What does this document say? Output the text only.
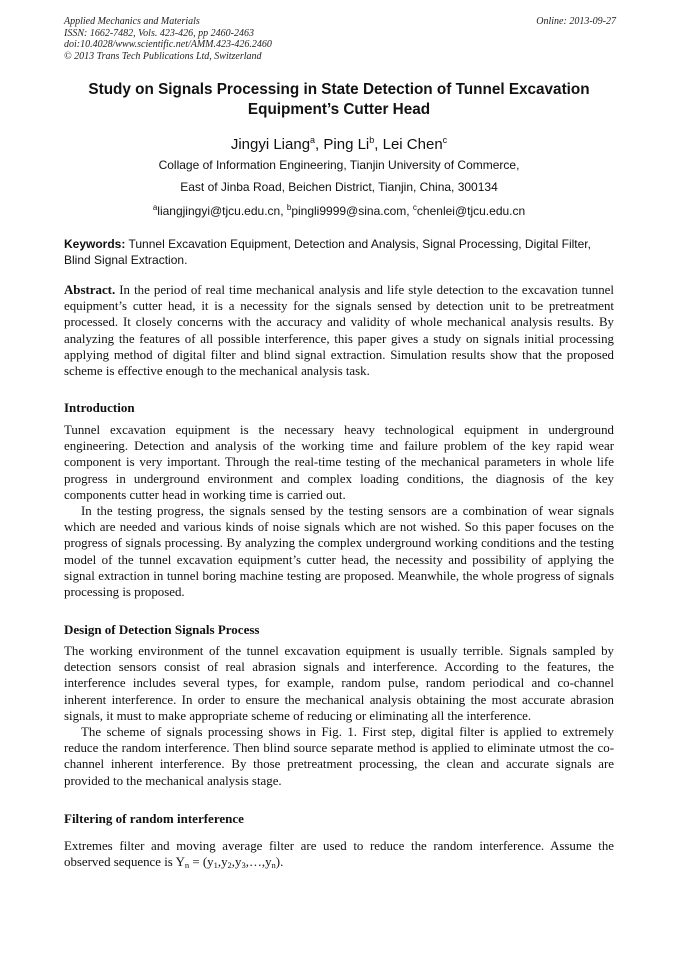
Applied Mechanics and Materials
ISSN: 1662-7482, Vols. 423-426, pp 2460-2463
doi:10.4028/www.scientific.net/AMM.423-426.2460
© 2013 Trans Tech Publications Ltd, Switzerland
Online: 2013-09-27
Study on Signals Processing in State Detection of Tunnel Excavation Equipment’s Cutter Head
Jingyi Liang$^a$, Ping Li$^b$, Lei Chen$^c$
Collage of Information Engineering, Tianjin University of Commerce,
East of Jinba Road, Beichen District, Tianjin, China, 300134
$^a$liangjingyi@tjcu.edu.cn, $^b$pingli9999@sina.com, $^c$chenlei@tjcu.edu.cn
Keywords: Tunnel Excavation Equipment, Detection and Analysis, Signal Processing, Digital Filter, Blind Signal Extraction.

Abstract. In the period of real time mechanical analysis and life style detection to the excavation tunnel equipment’s cutter head, it is a necessity for the signals sensed by detection unit to be pretreatment processed. It closely concerns with the accuracy and validity of whole mechanical analysis results. By analyzing the features of all possible interference, this paper gives a study on signals initial processing applying method of digital filter and blind signal extraction. Simulation results show that the proposed scheme is effective enough to the mechanical analysis task.

Introduction

Tunnel excavation equipment is the necessary heavy technological equipment in underground engineering. Detection and analysis of the working time and failure problem of the key rapid wear component is very important. Through the real-time testing of the mechanical parameters in whole life progress in underground environment and complex loading conditions, the diagnosis of the key components cutter head in working time is carried out.

In the testing progress, the signals sensed by the testing sensors are a combination of wear signals which are needed and various kinds of noise signals which are not wished. So this paper focuses on the progress of signals processing. By analyzing the complex underground working conditions and the testing model of the tunnel excavation equipment’s cutter head, the necessity and possibility of applying the signal extraction in tunnel boring machine testing are proposed. Meanwhile, the whole progress of signals processing is proposed.

Design of Detection Signals Process

The working environment of the tunnel excavation equipment is usually terrible. Signals sampled by detection sensors consist of real abrasion signals and interference. According to the features, the interference includes several types, for example, random pulse, random periodical and co-channel inherent interference. In order to ensure the mechanical analysis obtaining the most accurate abrasion signals, it must to make appropriate scheme of reducing or eliminating all the interference.

The scheme of signals processing shows in Fig. 1. First step, digital filter is applied to extremely reduce the random interference. Then blind source separate method is applied to eliminate utmost the co-channel inherent interference. By those pretreatment processing, the clean and accurate signals are provided to the mechanical analysis stage.

Filtering of random interference

Extremes filter and moving average filter are used to reduce the random interference. Assume the observed sequence is $Y_n$ = $(y_1,y_2,y_3,\dots,y_n)$.
